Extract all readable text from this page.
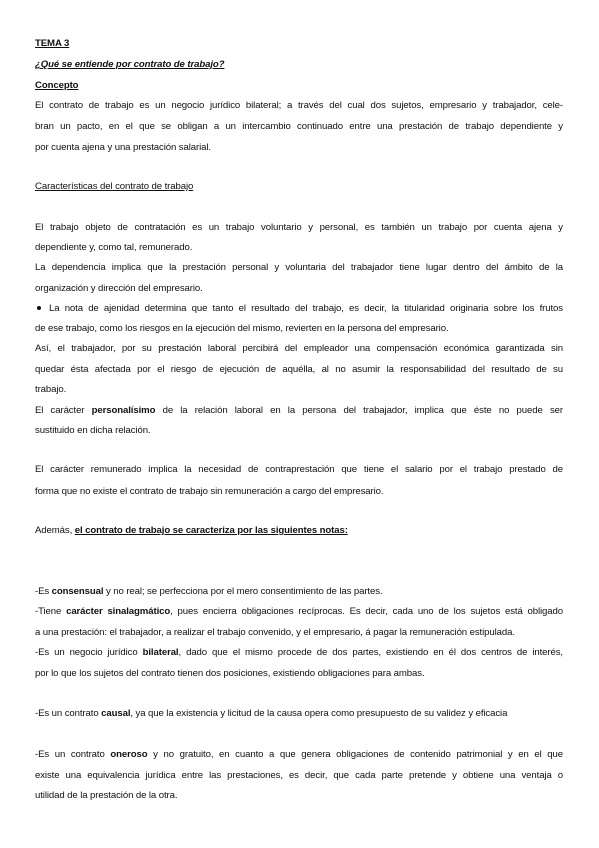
TEMA 3
¿Qué se entiende por contrato de trabajo?
Concepto
El contrato de trabajo es un negocio jurídico bilateral; a través del cual dos sujetos, empresario y trabajador, cele-
bran un pacto, en el que se obligan a un intercambio continuado entre una prestación de trabajo dependiente y
por cuenta ajena y una prestación salarial.
Características del contrato de trabajo
El trabajo objeto de contratación es un trabajo voluntario y personal, es también un trabajo por cuenta ajena y
dependiente y, como tal, remunerado.
La dependencia implica que la prestación personal y voluntaria del trabajador tiene lugar dentro del ámbito de la
organización y dirección del empresario.
La nota de ajenidad determina que tanto el resultado del trabajo, es decir, la titularidad originaria sobre los frutos
de ese trabajo, como los riesgos en la ejecución del mismo, revierten en la persona del empresario.
Así, el trabajador, por su prestación laboral percibirá del empleador una compensación económica garantizada sin
quedar ésta afectada por el riesgo de ejecución de aquélla, al no asumir la responsabilidad del resultado de su
trabajo.
El carácter personalísimo de la relación laboral en la persona del trabajador, implica que éste no puede ser
sustituido en dicha relación.
El carácter remunerado implica la necesidad de contraprestación que tiene el salario por el trabajo prestado de
forma que no existe el contrato de trabajo sin remuneración a cargo del empresario.
Además, el contrato de trabajo se caracteriza por las siguientes notas:
-Es consensual y no real; se perfecciona por el mero consentimiento de las partes.
-Tiene carácter sinalagmático, pues encierra obligaciones recíprocas. Es decir, cada uno de los sujetos está obligado
a una prestación: el trabajador, a realizar el trabajo convenido, y el empresario, á pagar la remuneración estipulada.
-Es un negocio jurídico bilateral, dado que el mismo procede de dos partes, existiendo en él dos centros de interés,
por lo que los sujetos del contrato tienen dos posiciones, existiendo obligaciones para ambas.
-Es un contrato causal, ya que la existencia y licitud de la causa opera como presupuesto de su validez y eficacia
-Es un contrato oneroso y no gratuito, en cuanto a que genera obligaciones de contenido patrimonial y en el que
existe una equivalencia jurídica entre las prestaciones, es decir, que cada parte pretende y obtiene una ventaja o
utilidad de la prestación de la otra.
